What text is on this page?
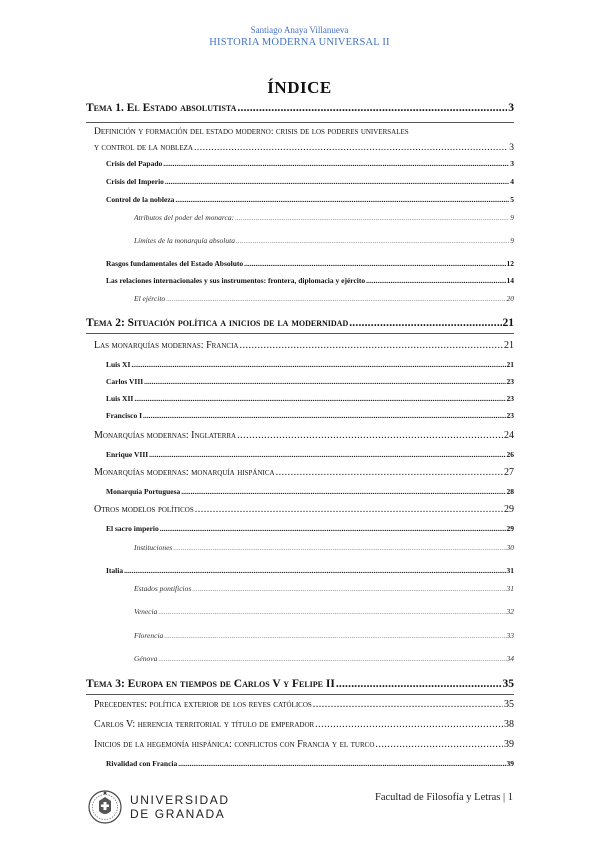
Santiago Anaya Villanueva
HISTORIA MODERNA UNIVERSAL II
ÍNDICE
Tema 1. El Estado absolutista .....	3
Definición y formación del estado moderno: crisis de los poderes universales
y control de la nobleza .....	3
Crisis del Papado .....	3
Crisis del Imperio .....	4
Control de la nobleza .....	5
Atributos del poder del monarca: .....	9
Límites de la monarquía absoluta .....	9
Rasgos fundamentales del Estado Absoluto .....	12
Las relaciones internacionales y sus instrumentos: frontera, diplomacia y ejército .....	14
El ejército .....	20
Tema 2: Situación política a inicios de la modernidad .....	21
Las monarquías modernas: Francia .....	21
Luis XI .....	21
Carlos VIII .....	23
Luis XII .....	23
Francisco I .....	23
Monarquías modernas: Inglaterra .....	24
Enrique VIII .....	26
Monarquías modernas: monarquía hispánica .....	27
Monarquía Portuguesa .....	28
Otros modelos políticos .....	29
El sacro imperio .....	29
Instituciones .....	30
Italia .....	31
Estados pontificios .....	31
Venecia .....	32
Florencia .....	33
Génova .....	34
Tema 3: Europa en tiempos de Carlos V y Felipe II .....	35
Precedentes: política exterior de los reyes católicos .....	35
Carlos V: herencia territorial y título de emperador .....	38
Inicios de la hegemonía hispánica: conflictos con Francia y el turco .....	39
Rivalidad con Francia .....	39
UNIVERSIDAD
DE GRANADA
Facultad de Filosofía y Letras | 1
